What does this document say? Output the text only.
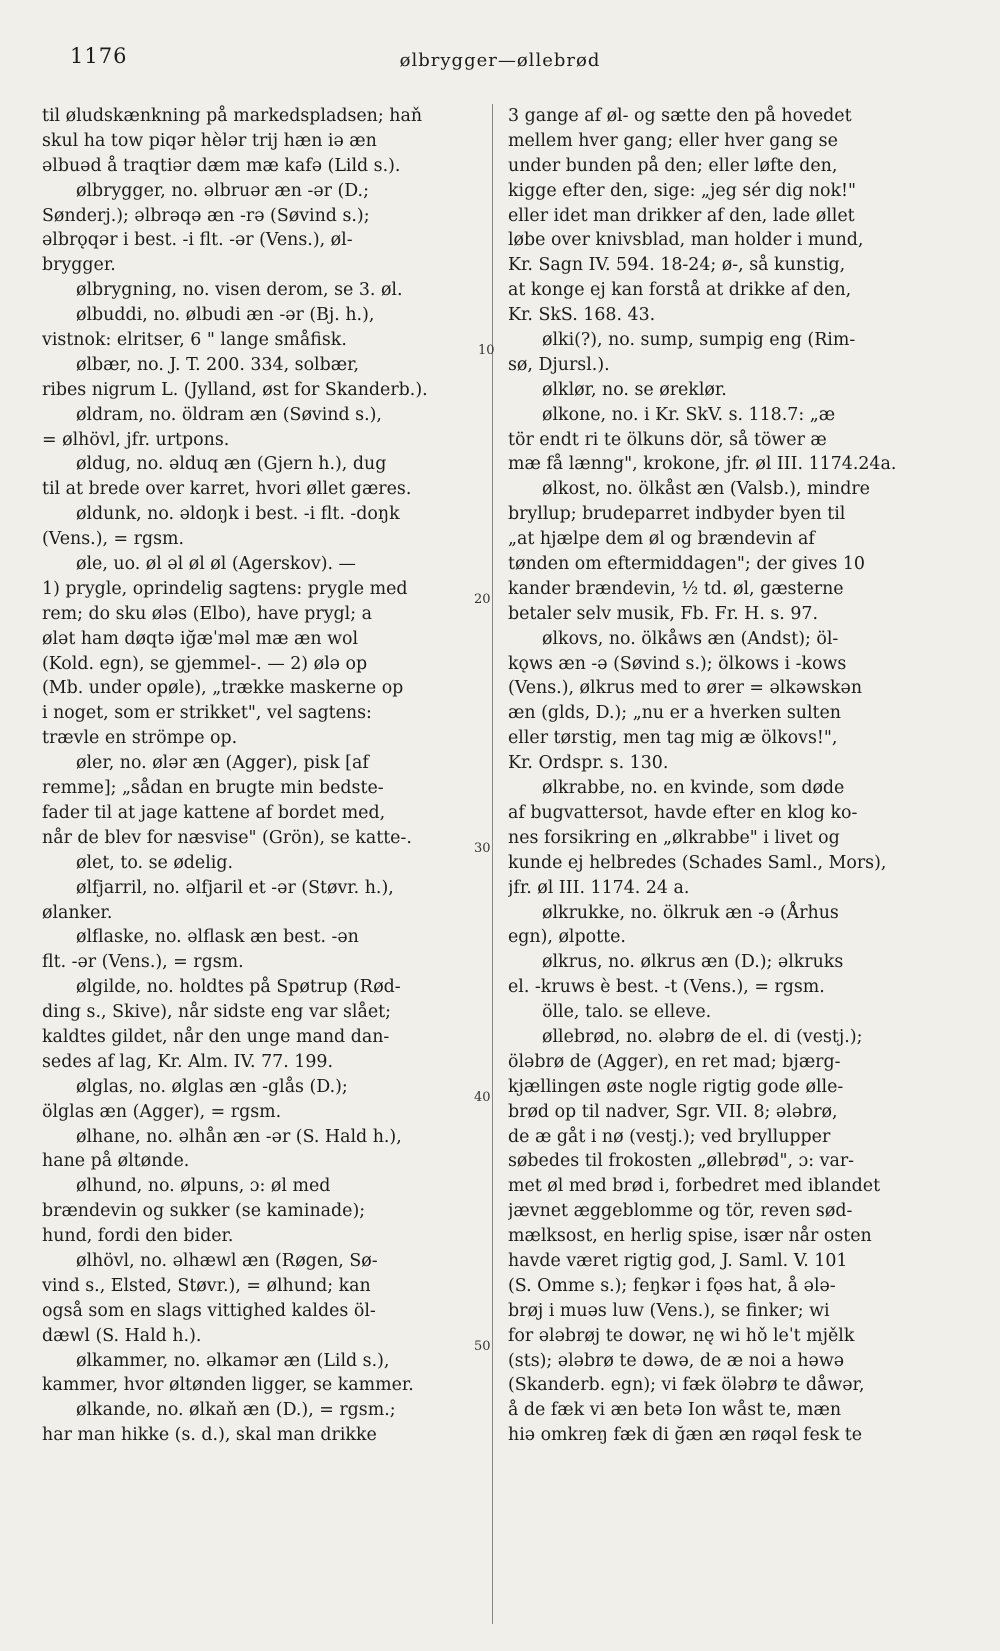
1176	ølbrygger—øllebrød
til øludskænkning på markedspladsen; haň
skul ha tow piqər hèlər trij hæn iə æn
ǝlbuəd å traqtiər dæm mæ kafə (Lild s.).
ølbrygger, no. ǝlbruər æn -ər (D.;
Sønderj.); ǝlbrǝqə æn -rə (Søvind s.);
ǝlbrǫqər i best. -i flt. -ər (Vens.), øl-
brygger.
ølbrygning, no. visen derom, se 3. øl.
ølbuddi, no. ølbudi æn -ər (Bj. h.),
vistnok: elritser, 6 " lange småfisk.
ølbær, no. J. T. 200. 334, solbær,
ribes nigrum L. (Jylland, øst for Skanderb.).
øldram, no. öldram æn (Søvind s.),
= ølhövl, jfr. urtpons.
øldug, no. ǝlduq æn (Gjern h.), dug
til at brede over karret, hvori øllet gæres.
øldunk, no. ǝldoŋk i best. -i flt. -doŋk
(Vens.), = rgsm.
øle, uo. øl ǝl øl øl (Agerskov). —
1) prygle, oprindelig sagtens: prygle med
rem; do sku øləs (Elbo), have prygl; a
ølət ham døqtə iğæˈmǝl mæ æn wol
(Kold. egn), se gjemmel-. — 2) ølə op
(Mb. under opøle), „trække maskerne op
i noget, som er strikket", vel sagtens:
trævle en strömpe op.
øler, no. ølər æn (Agger), pisk [af
remme]; „sådan en brugte min bedste-
fader til at jage kattene af bordet med,
når de blev for næsvise" (Grön), se katte-.
ølet, to. se ødelig.
ølfjarril, no. ǝlfjaril et -ər (Støvr. h.),
ølanker.
ølflaske, no. ǝlflask æn best. -ən
flt. -ər (Vens.), = rgsm.
ølgilde, no. holdtes på Spøtrup (Rød-
ding s., Skive), når sidste eng var slået;
kaldtes gildet, når den unge mand dan-
sedes af lag, Kr. Alm. IV. 77. 199.
ølglas, no. ølglas æn -glås (D.);
ölglas æn (Agger), = rgsm.
ølhane, no. ǝlhån æn -ər (S. Hald h.),
hane på øltønde.
ølhund, no. ølpuns, ɔ: øl med
brændevin og sukker (se kaminade);
hund, fordi den bider.
ølhövl, no. ǝlhæwl æn (Røgen, Sø-
vind s., Elsted, Støvr.), = ølhund; kan
også som en slags vittighed kaldes öl-
dæwl (S. Hald h.).
ølkammer, no. ǝlkamər æn (Lild s.),
kammer, hvor øltønden ligger, se kammer.
ølkande, no. ølkaň æn (D.), = rgsm.;
har man hikke (s. d.), skal man drikke
3 gange af øl- og sætte den på hovedet
mellem hver gang; eller hver gang se
under bunden på den; eller løfte den,
kigge efter den, sige: „jeg sér dig nok!"
eller idet man drikker af den, lade øllet
løbe over knivsblad, man holder i mund,
Kr. Sagn IV. 594. 18-24; ø-, så kunstig,
at konge ej kan forstå at drikke af den,
Kr. SkS. 168. 43.
ølki(?), no. sump, sumpig eng (Rim-
sø, Djursl.).
ølklør, no. se øreklør.
ølkone, no. i Kr. SkV. s. 118.7: „æ
tör endt ri te ölkuns dör, så töwer æ
mæ få lænng", krokone, jfr. øl III. 1174.24a.
ølkost, no. ölkåst æn (Valsb.), mindre
bryllup; brudeparret indbyder byen til
„at hjælpe dem øl og brændevin af
tønden om eftermiddagen"; der gives 10
kander brændevin, ½ td. øl, gæsterne
betaler selv musik, Fb. Fr. H. s. 97.
ølkovs, no. ölkåws æn (Andst); öl-
kǫws æn -ə (Søvind s.); ölkows i -kows
(Vens.), ølkrus med to ører = ǝlkǝwskən
æn (glds, D.); „nu er a hverken sulten
eller tørstig, men tag mig æ ölkovs!",
Kr. Ordspr. s. 130.
ølkrabbe, no. en kvinde, som døde
af bugvattersot, havde efter en klog ko-
nes forsikring en „ølkrabbe" i livet og
kunde ej helbredes (Schades Saml., Mors),
jfr. øl III. 1174. 24 a.
ølkrukke, no. ölkruk æn -ə (Århus
egn), ølpotte.
ølkrus, no. ølkrus æn (D.); ǝlkruks
el. -kruws è best. -t (Vens.), = rgsm.
ölle, talo. se elleve.
øllebrød, no. ǝləbrø de el. di (vestj.);
öləbrø de (Agger), en ret mad; bjærg-
kjællingen øste nogle rigtig gode ølle-
brød op til nadver, Sgr. VII. 8; ǝləbrø,
de æ gåt i nø (vestj.); ved bryllupper
søbedes til frokosten „øllebrød", ɔ: var-
met øl med brød i, forbedret med iblandet
jævnet æggeblomme og tör, reven sød-
mælksost, en herlig spise, især når osten
havde været rigtig god, J. Saml. V. 101
(S. Omme s.); feŋkər i fǫəs hat, å ǝlə-
brøj i muəs luw (Vens.), se finker; wi
for ǝləbrøj te dowər, nę wi hǒ leˈt mjělk
(sts); ǝləbrø te dǝwə, de æ noi a hǝwə
(Skanderb. egn); vi fæk öləbrø te dåwər,
å de fæk vi æn betə Ion wåst te, mæn
hiə omkreŋ fæk di ğæn æn røqǝl fesk te
10
20
30
40
50
